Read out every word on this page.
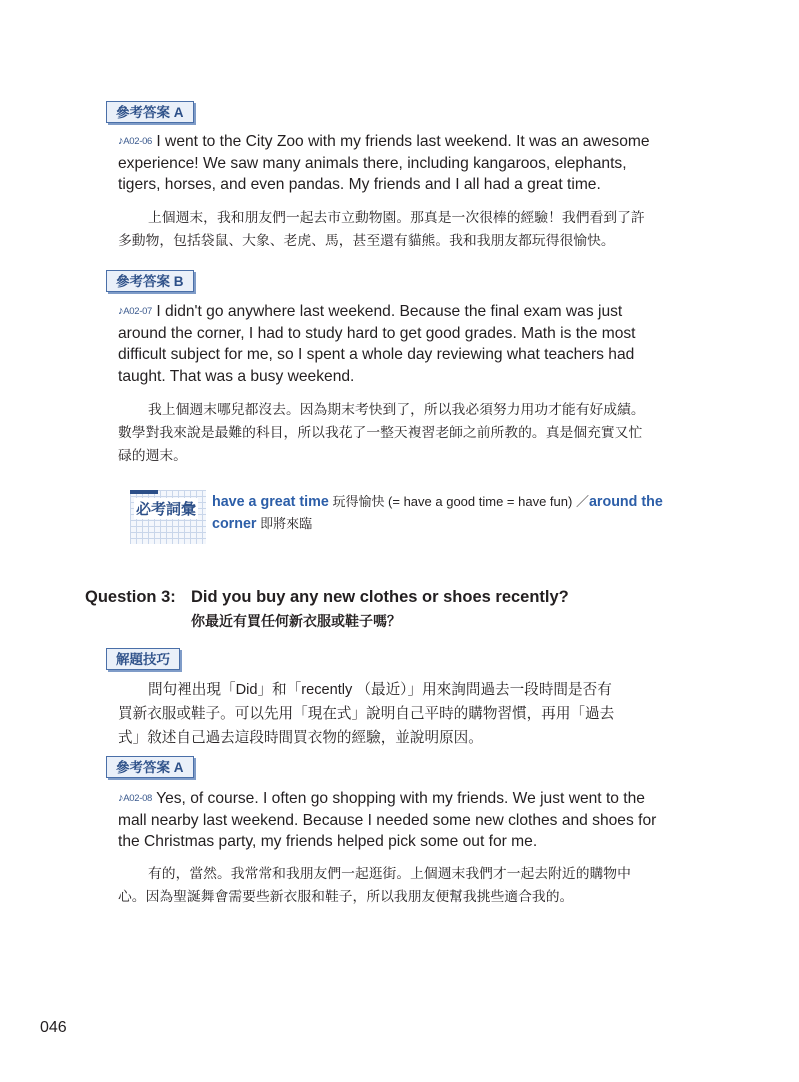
參考答案 A
♪A02-06 I went to the City Zoo with my friends last weekend. It was an awesome
experience! We saw many animals there, including kangaroos, elephants,
tigers, horses, and even pandas. My friends and I all had a great time.
上個週末，我和朋友們一起去市立動物園。那真是一次很棒的經驗！我們看到了許
多動物，包括袋鼠、大象、老虎、馬，甚至還有貓熊。我和我朋友都玩得很愉快。
參考答案 B
♪A02-07 I didn't go anywhere last weekend. Because the final exam was just
around the corner, I had to study hard to get good grades. Math is the most
difficult subject for me, so I spent a whole day reviewing what teachers had
taught. That was a busy weekend.
我上個週末哪兒都沒去。因為期末考快到了，所以我必須努力用功才能有好成績。
數學對我來說是最難的科目，所以我花了一整天複習老師之前所教的。真是個充實又忙
碌的週末。
必考詞彙 have a great time 玩得愉快 (= have a good time = have fun) ／around the
corner 即將來臨
Question 3: Did you buy any new clothes or shoes recently?
你最近有買任何新衣服或鞋子嗎？
解題技巧
問句裡出現「Did」和「recently （最近）」用來詢問過去一段時間是否有
買新衣服或鞋子。可以先用「現在式」說明自己平時的購物習慣，再用「過去
式」敘述自己過去這段時間買衣物的經驗，並說明原因。
參考答案 A
♪A02-08 Yes, of course. I often go shopping with my friends. We just went to the
mall nearby last weekend. Because I needed some new clothes and shoes for
the Christmas party, my friends helped pick some out for me.
有的，當然。我常常和我朋友們一起逛街。上個週末我們才一起去附近的購物中
心。因為聖誕舞會需要些新衣服和鞋子，所以我朋友便幫我挑些適合我的。
046
